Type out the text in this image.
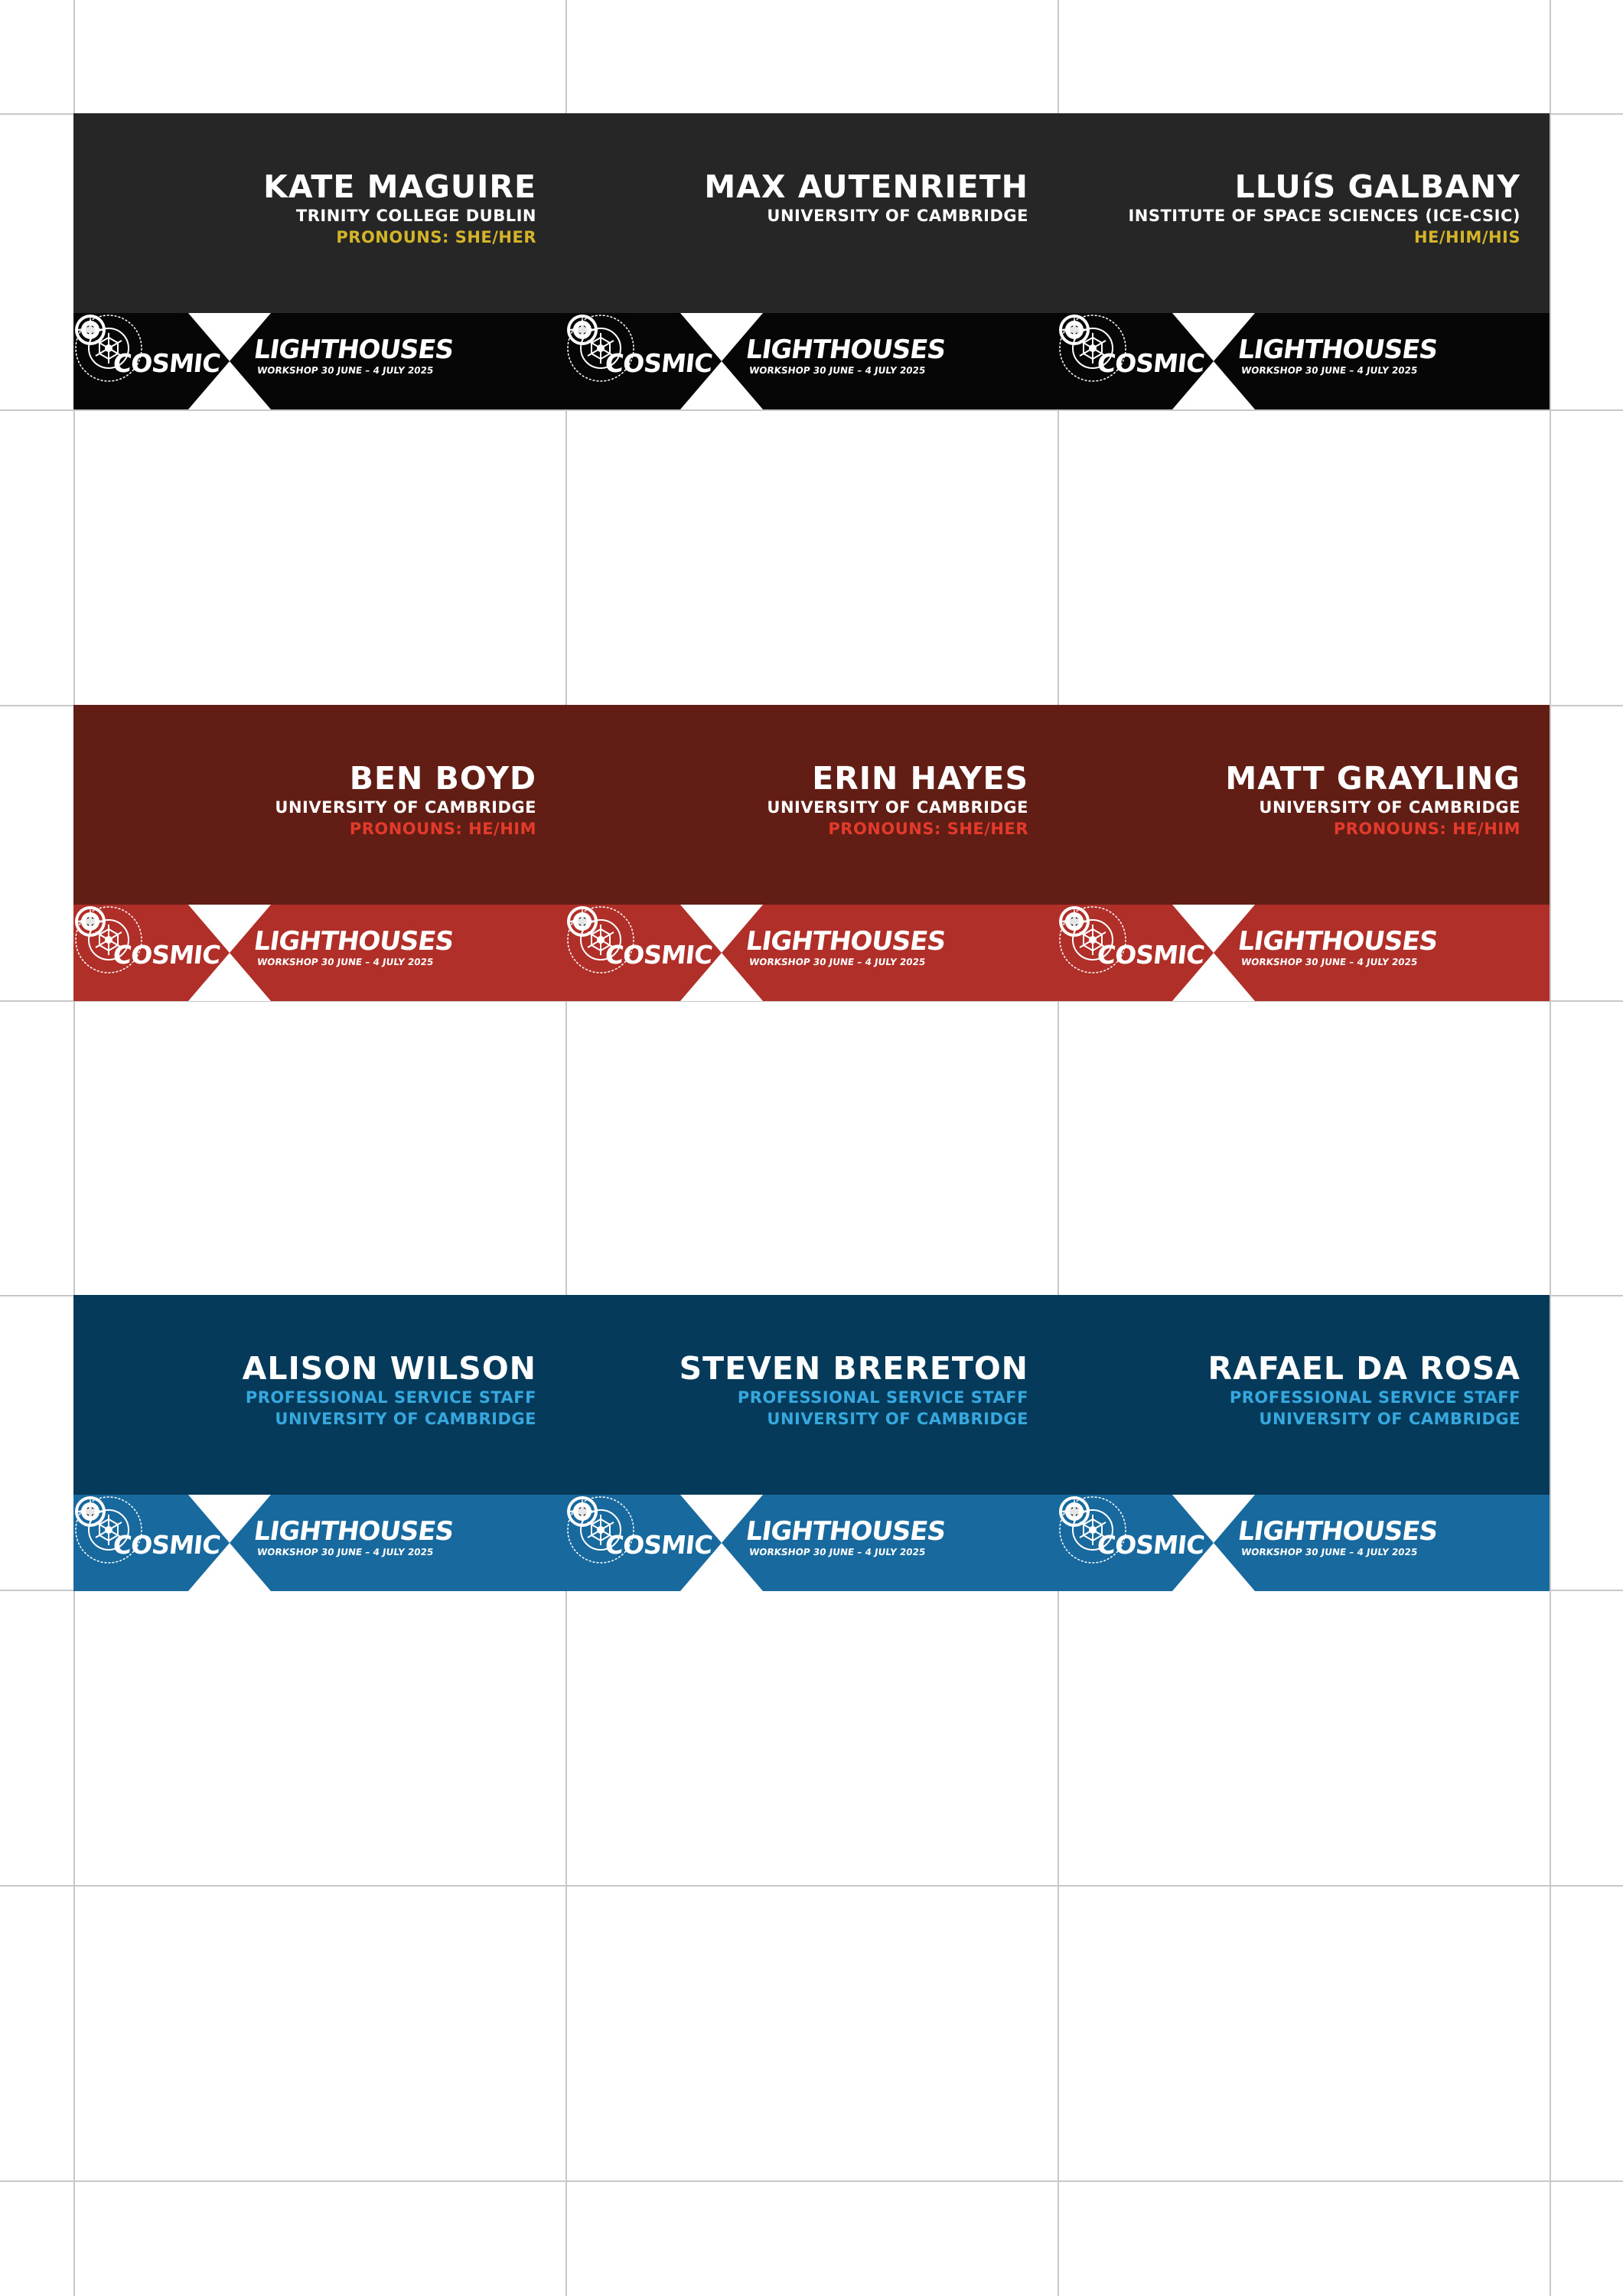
KATE MAGUIRE
TRINITY COLLEGE DUBLIN
PRONOUNS: SHE/HER
COSMIC LIGHTHOUSES
WORKSHOP 30 JUNE – 4 JULY 2025
MAX AUTENRIETH
UNIVERSITY OF CAMBRIDGE
COSMIC LIGHTHOUSES
WORKSHOP 30 JUNE – 4 JULY 2025
LLUíS GALBANY
INSTITUTE OF SPACE SCIENCES (ICE-CSIC)
HE/HIM/HIS
COSMIC LIGHTHOUSES
WORKSHOP 30 JUNE – 4 JULY 2025
BEN BOYD
UNIVERSITY OF CAMBRIDGE
PRONOUNS: HE/HIM
COSMIC LIGHTHOUSES
WORKSHOP 30 JUNE – 4 JULY 2025
ERIN HAYES
UNIVERSITY OF CAMBRIDGE
PRONOUNS: SHE/HER
COSMIC LIGHTHOUSES
WORKSHOP 30 JUNE – 4 JULY 2025
MATT GRAYLING
UNIVERSITY OF CAMBRIDGE
PRONOUNS: HE/HIM
COSMIC LIGHTHOUSES
WORKSHOP 30 JUNE – 4 JULY 2025
ALISON WILSON
PROFESSIONAL SERVICE STAFF
UNIVERSITY OF CAMBRIDGE
COSMIC LIGHTHOUSES
WORKSHOP 30 JUNE – 4 JULY 2025
STEVEN BRERETON
PROFESSIONAL SERVICE STAFF
UNIVERSITY OF CAMBRIDGE
COSMIC LIGHTHOUSES
WORKSHOP 30 JUNE – 4 JULY 2025
RAFAEL DA ROSA
PROFESSIONAL SERVICE STAFF
UNIVERSITY OF CAMBRIDGE
COSMIC LIGHTHOUSES
WORKSHOP 30 JUNE – 4 JULY 2025
